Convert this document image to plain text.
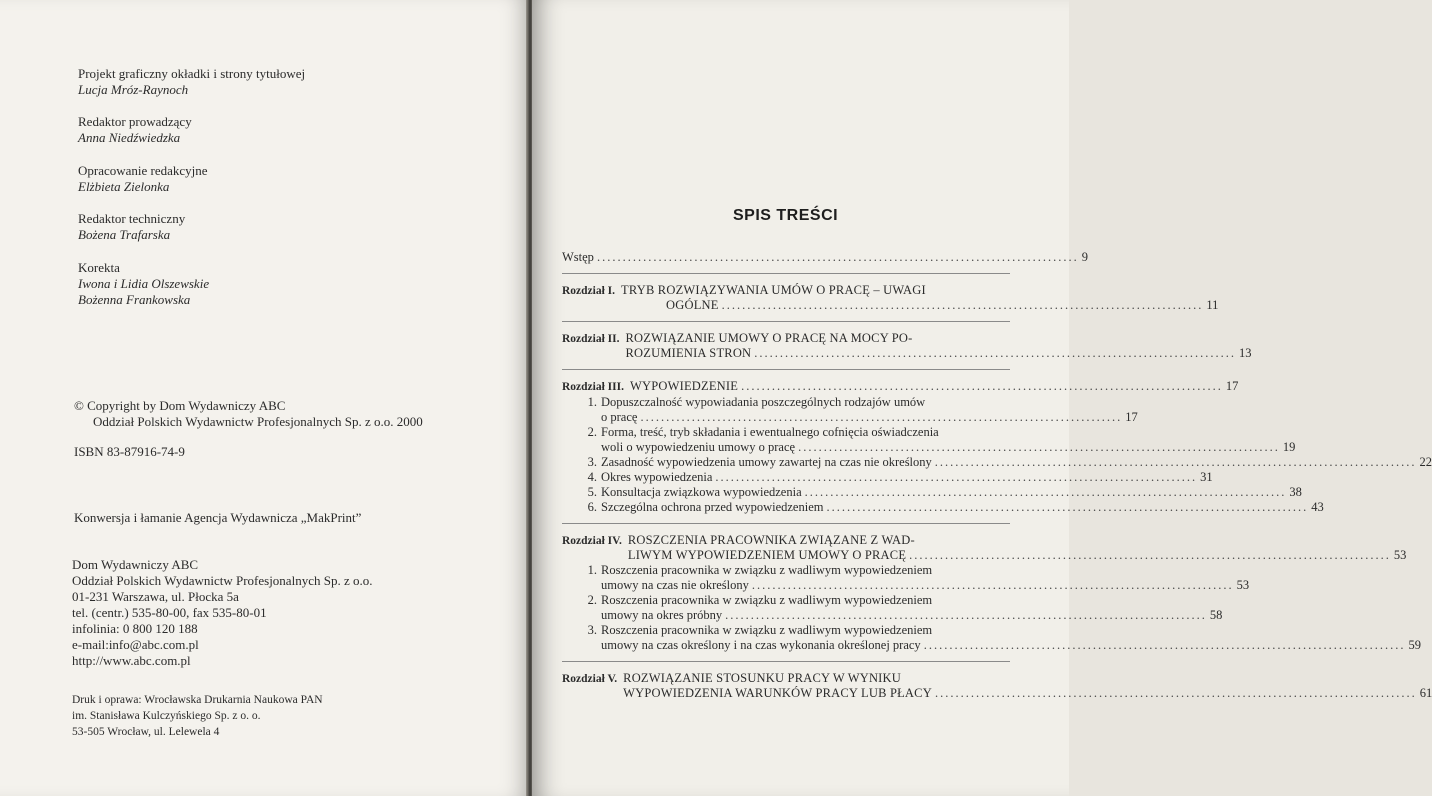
Projekt graficzny okładki i strony tytułowej
Lucja Mróz-Raynoch
Redaktor prowadzący
Anna Niedźwiedzka
Opracowanie redakcyjne
Elżbieta Zielonka
Redaktor techniczny
Bożena Trafarska
Korekta
Iwona i Lidia Olszewskie
Bożenna Frankowska
© Copyright by Dom Wydawniczy ABC
Oddział Polskich Wydawnictw Profesjonalnych Sp. z o.o. 2000
ISBN 83-87916-74-9
Konwersja i łamanie Agencja Wydawnicza „MakPrint”
Dom Wydawniczy ABC
Oddział Polskich Wydawnictw Profesjonalnych Sp. z o.o.
01-231 Warszawa, ul. Płocka 5a
tel. (centr.) 535-80-00, fax 535-80-01
infolinia: 0 800 120 188
e-mail:info@abc.com.pl
http://www.abc.com.pl
Druk i oprawa: Wrocławska Drukarnia Naukowa PAN
im. Stanisława Kulczyńskiego Sp. z o. o.
53-505 Wrocław, ul. Lelewela 4
SPIS TREŚCI
Wstęp .............................................................................................. 9
Rozdział I. TRYB ROZWIĄZYWANIA UMÓW O PRACĘ – UWAGI
OGÓLNE .............................................................................................. 11
Rozdział II. ROZWIĄZANIE UMOWY O PRACĘ NA MOCY PO-
ROZUMIENIA STRON .............................................................................................. 13
Rozdział III. WYPOWIEDZENIE .............................................................................................. 17
1. Dopuszczalność wypowiadania poszczególnych rodzajów umów
o pracę .............................................................................................. 17
2. Forma, treść, tryb składania i ewentualnego cofnięcia oświadczenia
woli o wypowiedzeniu umowy o pracę .............................................................................................. 19
3. Zasadność wypowiedzenia umowy zawartej na czas nie określony .............................................................................................. 22
4. Okres wypowiedzenia .............................................................................................. 31
5. Konsultacja związkowa wypowiedzenia .............................................................................................. 38
6. Szczególna ochrona przed wypowiedzeniem .............................................................................................. 43
Rozdział IV. ROSZCZENIA PRACOWNIKA ZWIĄZANE Z WAD-
LIWYM WYPOWIEDZENIEM UMOWY O PRACĘ .............................................................................................. 53
1. Roszczenia pracownika w związku z wadliwym wypowiedzeniem
umowy na czas nie określony .............................................................................................. 53
2. Roszczenia pracownika w związku z wadliwym wypowiedzeniem
umowy na okres próbny .............................................................................................. 58
3. Roszczenia pracownika w związku z wadliwym wypowiedzeniem
umowy na czas określony i na czas wykonania określonej pracy .............................................................................................. 59
Rozdział V. ROZWIĄZANIE STOSUNKU PRACY W WYNIKU
WYPOWIEDZENIA WARUNKÓW PRACY LUB PŁACY .............................................................................................. 61
